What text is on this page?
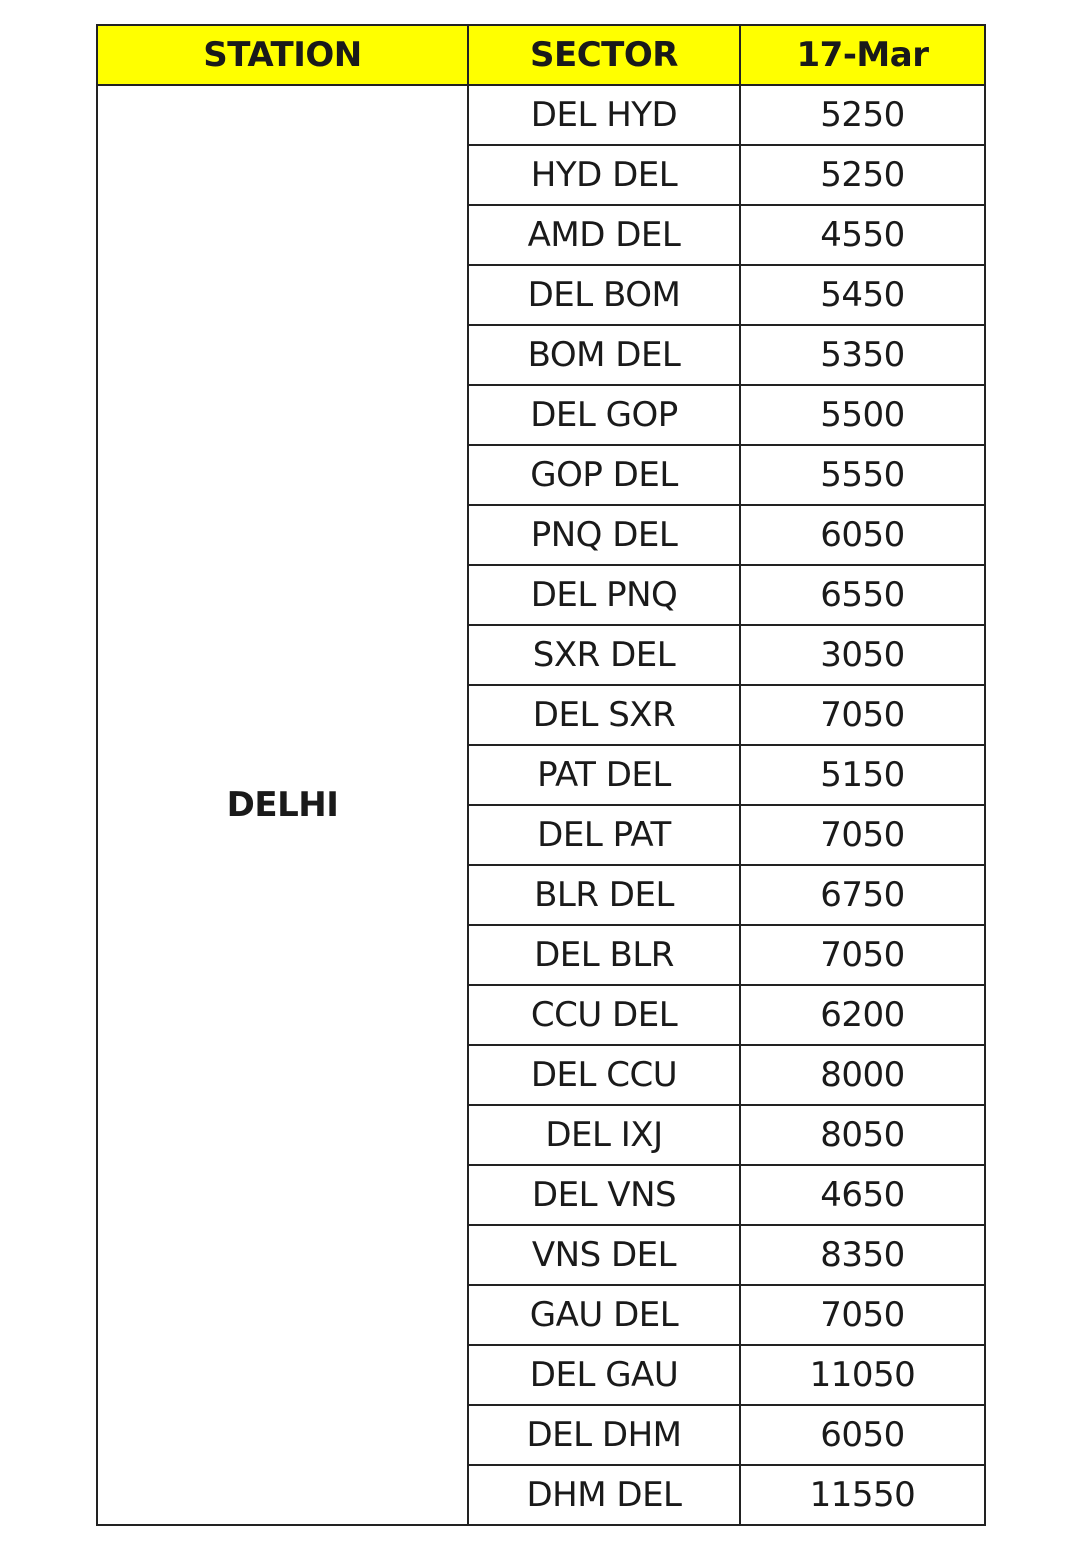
STATION	SECTOR	17-Mar
DELHI	DEL HYD	5250
	HYD DEL	5250
	AMD DEL	4550
	DEL BOM	5450
	BOM DEL	5350
	DEL GOP	5500
	GOP DEL	5550
	PNQ DEL	6050
	DEL PNQ	6550
	SXR DEL	3050
	DEL SXR	7050
	PAT DEL	5150
	DEL PAT	7050
	BLR DEL	6750
	DEL BLR	7050
	CCU DEL	6200
	DEL CCU	8000
	DEL IXJ	8050
	DEL VNS	4650
	VNS DEL	8350
	GAU DEL	7050
	DEL GAU	11050
	DEL DHM	6050
	DHM DEL	11550
